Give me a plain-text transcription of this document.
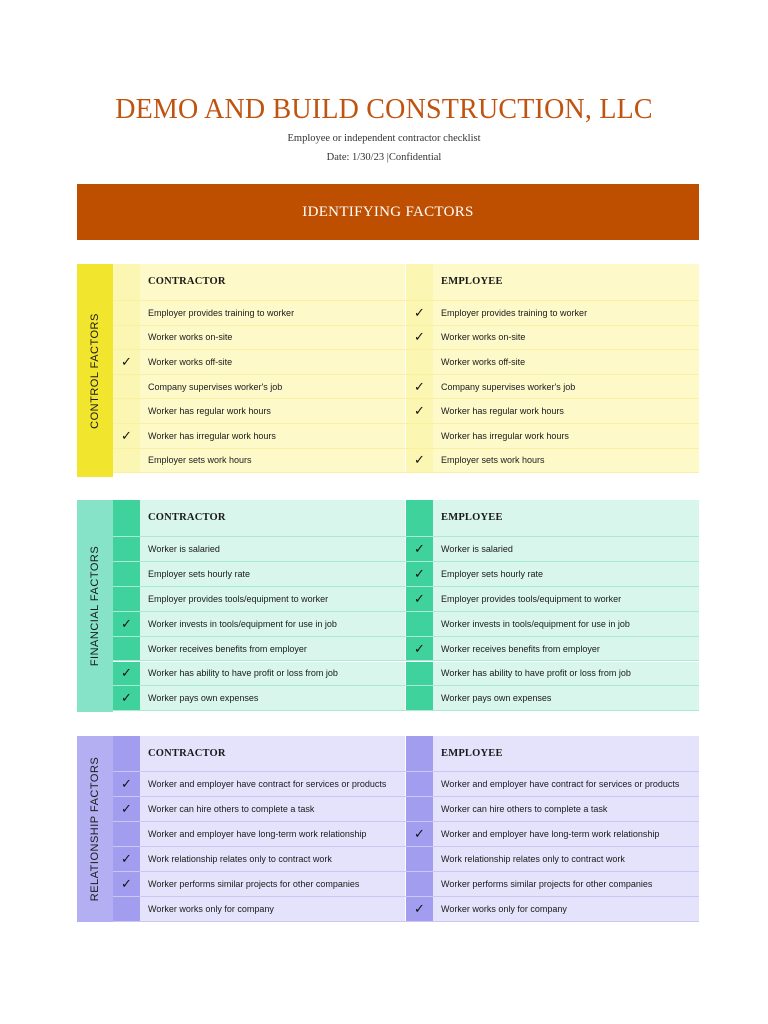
DEMO AND BUILD CONSTRUCTION, LLC
Employee or independent contractor checklist
Date: 1/30/23 |Confidential
IDENTIFYING FACTORS
CONTROL FACTORS
CONTRACTOR	EMPLOYEE
Employer provides training to worker	✓	Employer provides training to worker
Worker works on-site	✓	Worker works on-site
✓	Worker works off-site	Worker works off-site
Company supervises worker's job	✓	Company supervises worker's job
Worker has regular work hours	✓	Worker has regular work hours
✓	Worker has irregular work hours	Worker has irregular work hours
Employer sets work hours	✓	Employer sets work hours
FINANCIAL FACTORS
CONTRACTOR	EMPLOYEE
Worker is salaried	✓	Worker is salaried
Employer sets hourly rate	✓	Employer sets hourly rate
Employer provides tools/equipment to worker	✓	Employer provides tools/equipment to worker
✓	Worker invests in tools/equipment for use in job	Worker invests in tools/equipment for use in job
Worker receives benefits from employer	✓	Worker receives benefits from employer
✓	Worker has ability to have profit or loss from job	Worker has ability to have profit or loss from job
✓	Worker pays own expenses	Worker pays own expenses
RELATIONSHIP FACTORS
CONTRACTOR	EMPLOYEE
✓	Worker and employer have contract for services or products	Worker and employer have contract for services or products
✓	Worker can hire others to complete a task	Worker can hire others to complete a task
Worker and employer have long-term work relationship	✓	Worker and employer have long-term work relationship
✓	Work relationship relates only to contract work	Work relationship relates only to contract work
✓	Worker performs similar projects for other companies	Worker performs similar projects for other companies
Worker works only for company	✓	Worker works only for company
